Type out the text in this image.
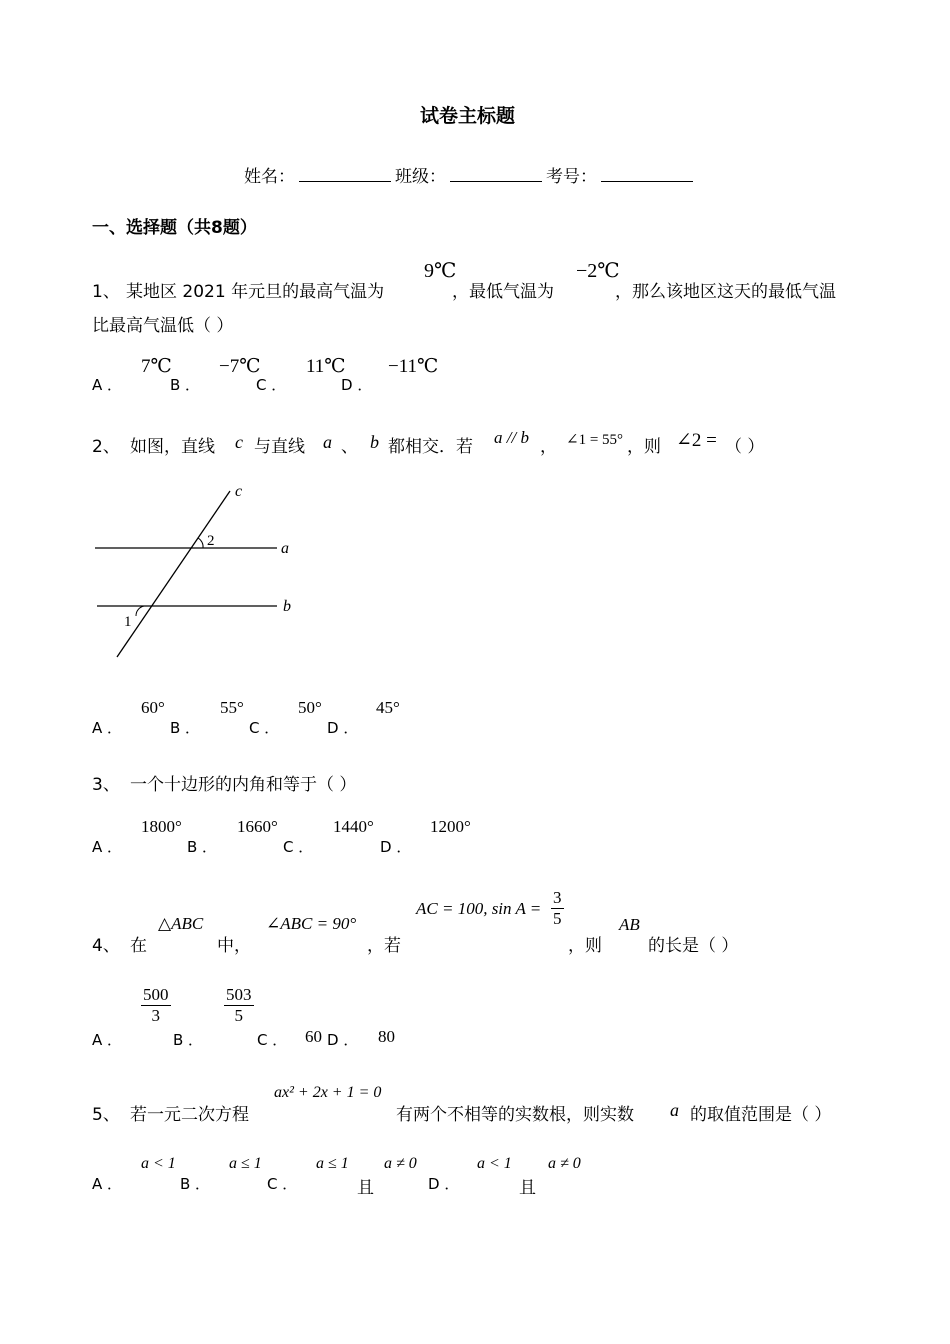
试卷主标题
姓名：	班级：	考号：
一、选择题（共8题）
1、 某地区 2021 年元旦的最高气温为
9℃
，最低气温为
−2℃
，那么该地区这天的最低气温
比最高气温低（ ）
A ．
7℃
B ．
−7℃
C ．
11℃
D ．
−11℃
2、 如图，直线 c 与直线 a 、 b 都相交．若 a // b ， ∠1 = 55° ，则 ∠2 = （ ）
c
a
b
2
1
A ．
60°
B ．
55°
C ．
50°
D ．
45°
3、 一个十边形的内角和等于（ ）
A ．
1800°
B ．
1660°
C ．
1440°
D ．
1200°
4、 在
△ABC
中，
∠ABC = 90°
，若
AC = 100, $\sin A = \frac{3}{5}$
，则
AB
的长是（ ）
A ．
$\frac{500}{3}$
B ．
$\frac{503}{5}$
C ． 60 D ． 80
5、 若一元二次方程
ax² + 2x + 1 = 0
有两个不相等的实数根，则实数 a 的取值范围是（ ）
A ．
a < 1
B ．
a ≤ 1
C ．
a ≤ 1
且
a ≠ 0
D ．
a < 1
且
a ≠ 0
